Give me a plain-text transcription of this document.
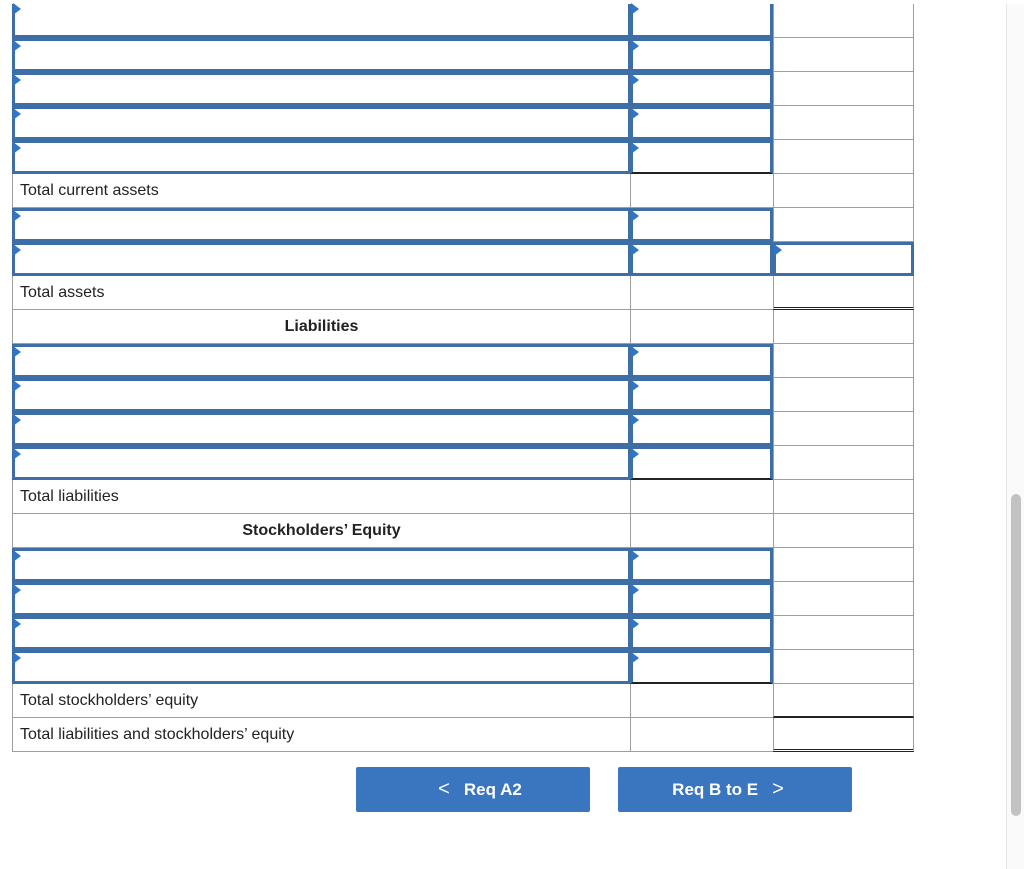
Total current assets
Total assets
Liabilities
Total liabilities
Stockholders’ Equity
Total stockholders’ equity
Total liabilities and stockholders’ equity
< Req A2	Req B to E >
